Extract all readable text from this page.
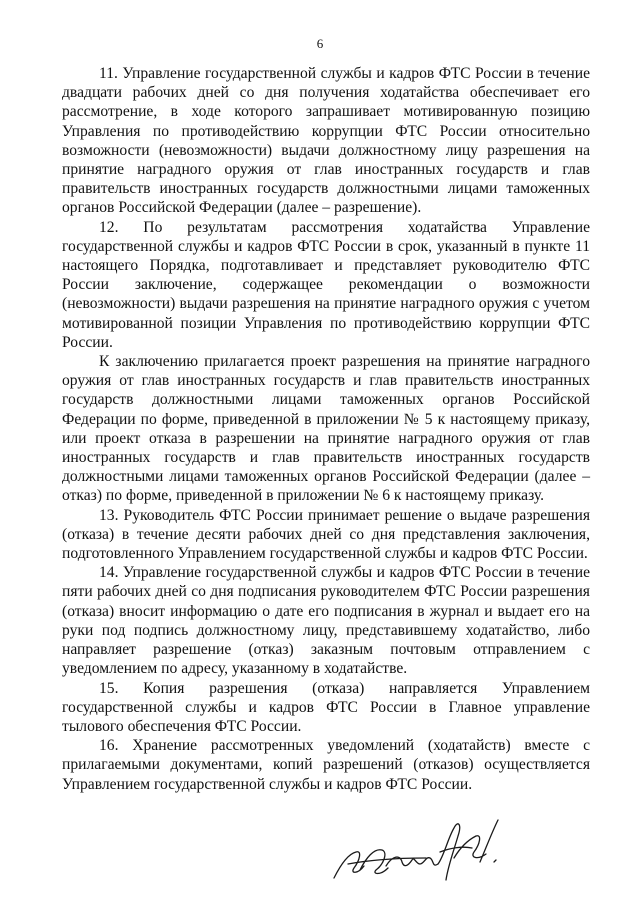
6

11. Управление государственной службы и кадров ФТС России в течение двадцати рабочих дней со дня получения ходатайства обеспечивает его рассмотрение, в ходе которого запрашивает мотивированную позицию Управления по противодействию коррупции ФТС России относительно возможности (невозможности) выдачи должностному лицу разрешения на принятие наградного оружия от глав иностранных государств и глав правительств иностранных государств должностными лицами таможенных органов Российской Федерации (далее – разрешение).

12. По результатам рассмотрения ходатайства Управление государственной службы и кадров ФТС России в срок, указанный в пункте 11 настоящего Порядка, подготавливает и представляет руководителю ФТС России заключение, содержащее рекомендации о возможности (невозможности) выдачи разрешения на принятие наградного оружия с учетом мотивированной позиции Управления по противодействию коррупции ФТС России.

К заключению прилагается проект разрешения на принятие наградного оружия от глав иностранных государств и глав правительств иностранных государств должностными лицами таможенных органов Российской Федерации по форме, приведенной в приложении № 5 к настоящему приказу, или проект отказа в разрешении на принятие наградного оружия от глав иностранных государств и глав правительств иностранных государств должностными лицами таможенных органов Российской Федерации (далее – отказ) по форме, приведенной в приложении № 6 к настоящему приказу.

13. Руководитель ФТС России принимает решение о выдаче разрешения (отказа) в течение десяти рабочих дней со дня представления заключения, подготовленного Управлением государственной службы и кадров ФТС России.

14. Управление государственной службы и кадров ФТС России в течение пяти рабочих дней со дня подписания руководителем ФТС России разрешения (отказа) вносит информацию о дате его подписания в журнал и выдает его на руки под подпись должностному лицу, представившему ходатайство, либо направляет разрешение (отказ) заказным почтовым отправлением с уведомлением по адресу, указанному в ходатайстве.

15. Копия разрешения (отказа) направляется Управлением государственной службы и кадров ФТС России в Главное управление тылового обеспечения ФТС России.

16. Хранение рассмотренных уведомлений (ходатайств) вместе с прилагаемыми документами, копий разрешений (отказов) осуществляется Управлением государственной службы и кадров ФТС России.
